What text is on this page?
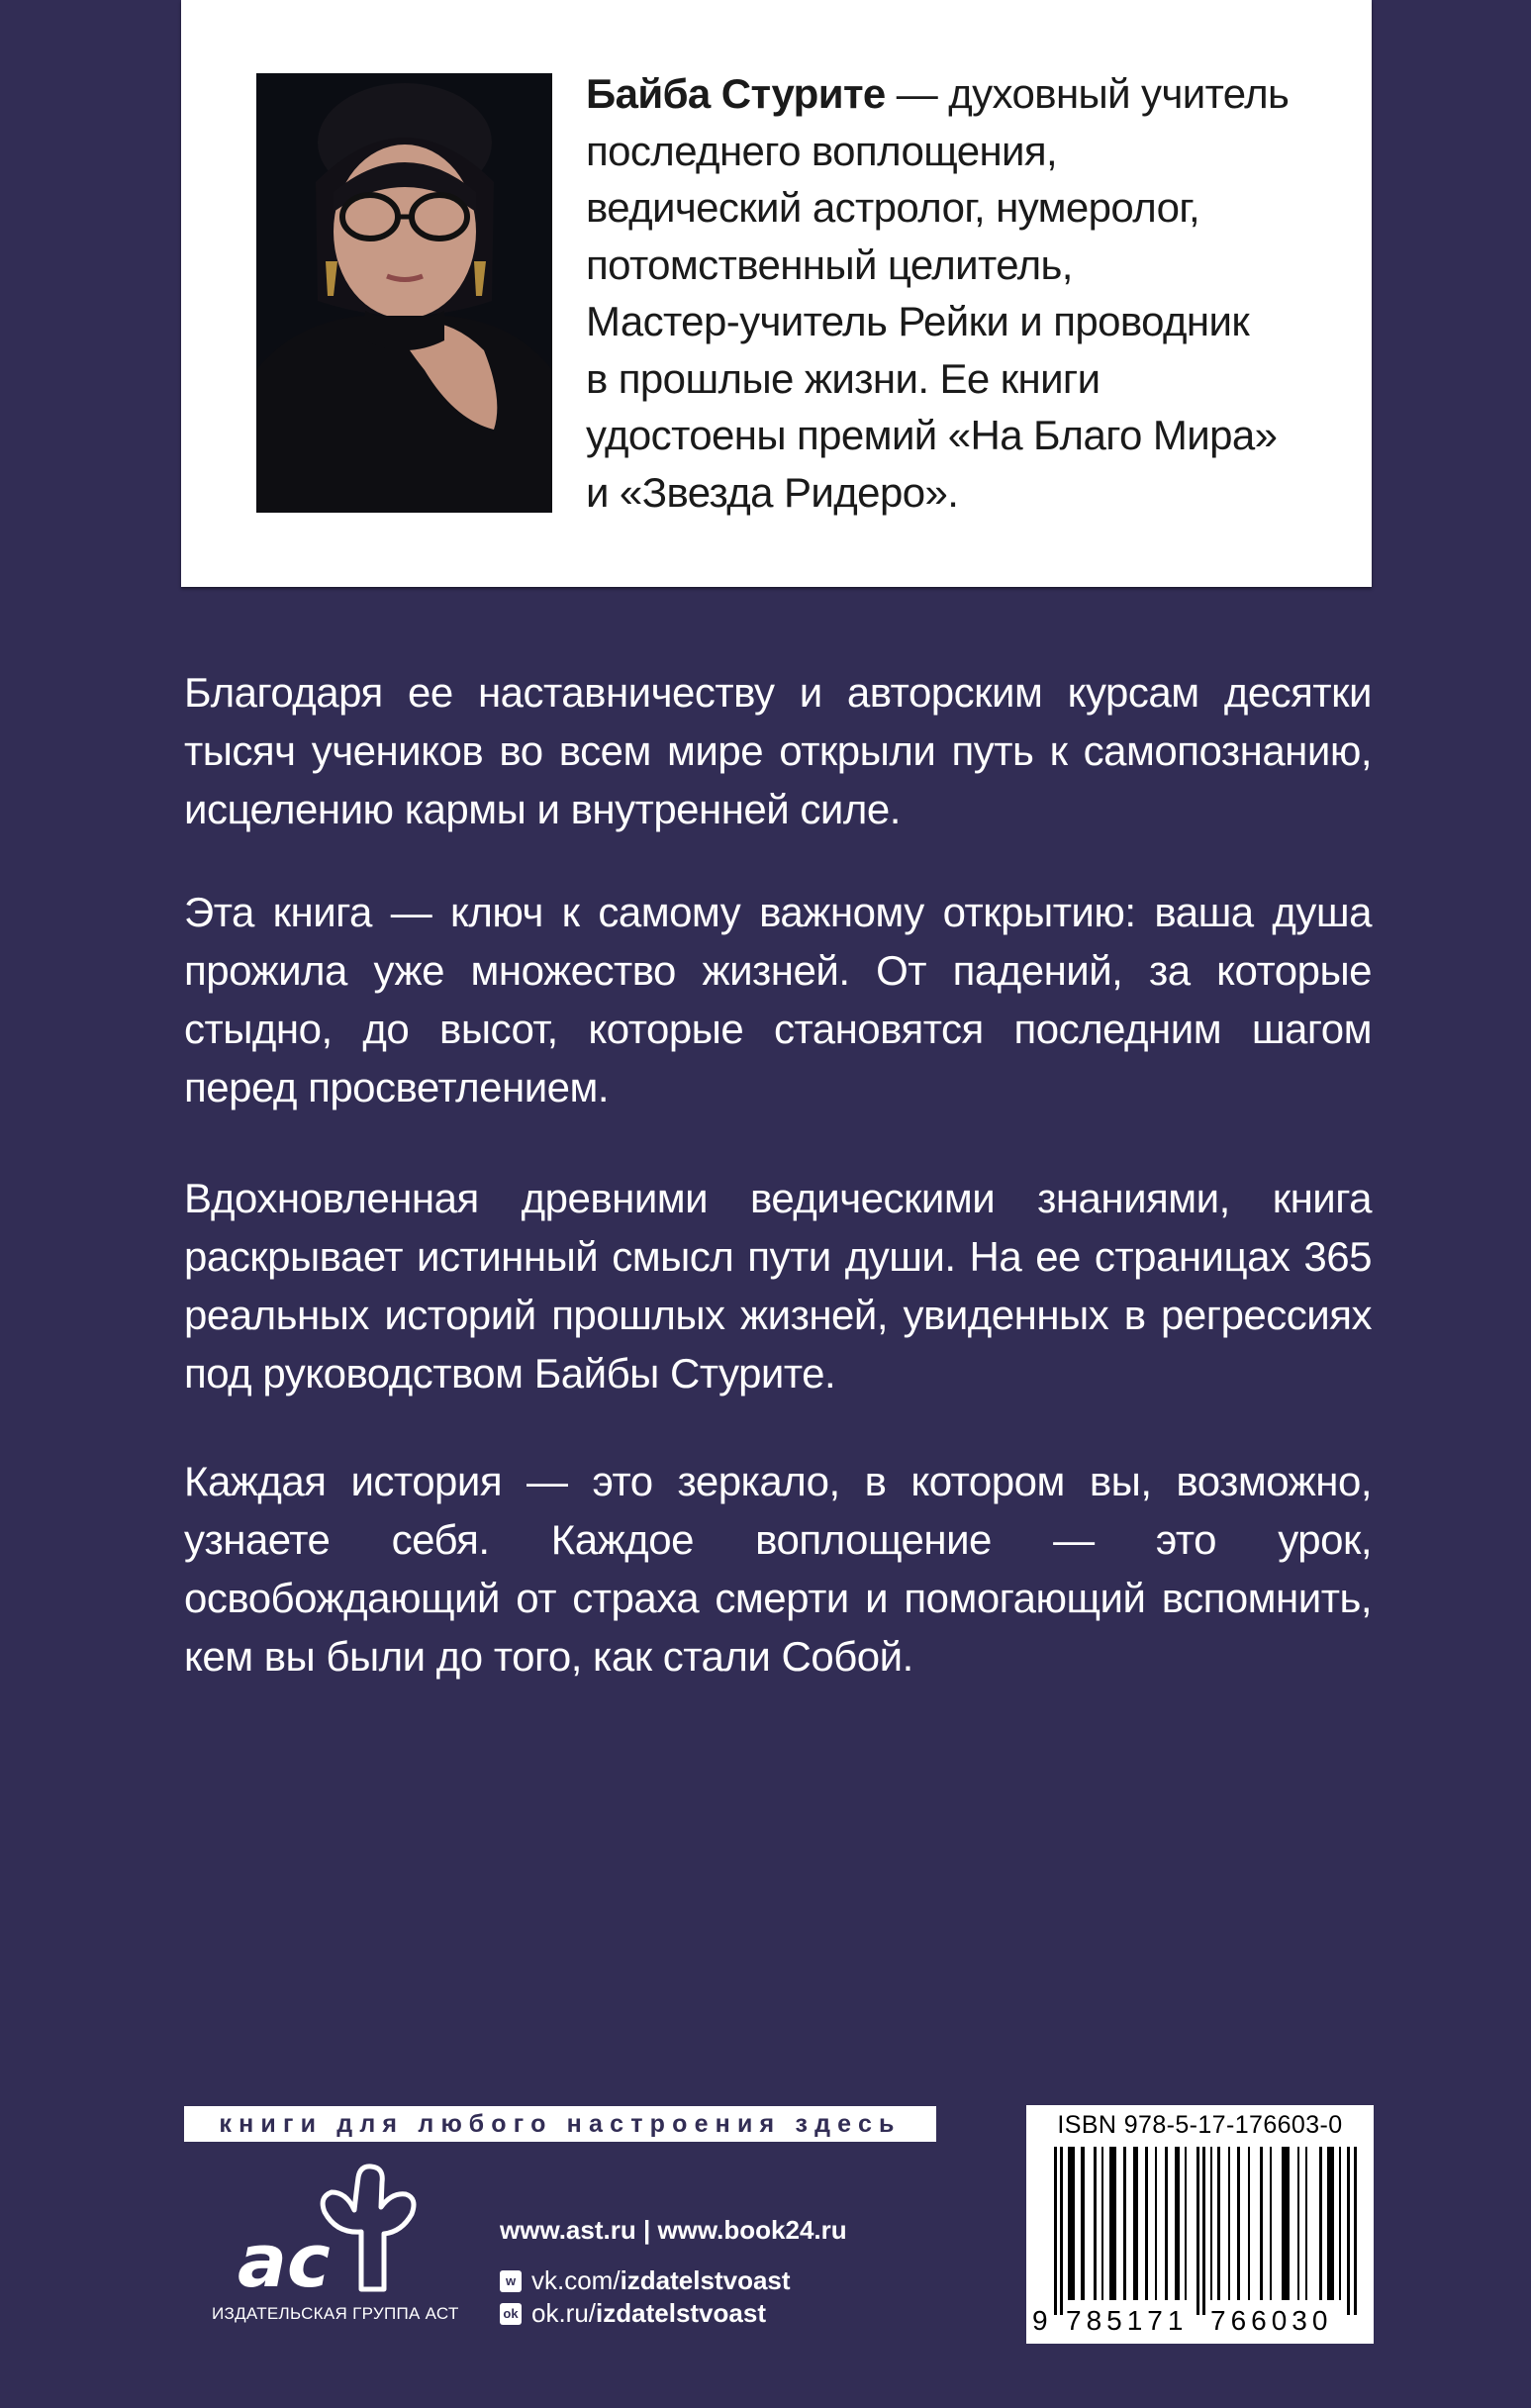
Байба Стурите — духовный учитель
последнего воплощения,
ведический астролог, нумеролог,
потомственный целитель,
Мастер-учитель Рейки и проводник
в прошлые жизни. Ее книги
удостоены премий «На Благо Мира»
и «Звезда Ридеро».
Благодаря ее наставничеству и авторским курсам десятки тысяч учеников во всем мире открыли путь к самопознанию, исцелению кармы и внутренней силе.
Эта книга — ключ к самому важному открытию: ваша душа прожила уже множество жизней. От падений, за которые стыдно, до высот, которые становятся последним шагом перед просветлением.
Вдохновленная древними ведическими знаниями, книга раскрывает истинный смысл пути души. На ее страницах 365 реальных историй прошлых жизней, увиденных в регрессиях под руководством Байбы Стурите.
Каждая история — это зеркало, в котором вы, возможно, узнаете себя. Каждое воплощение — это урок, освобождающий от страха смерти и помогающий вспомнить, кем вы были до того, как стали Собой.
книги для любого настроения здесь
ac
ИЗДАТЕЛЬСКАЯ ГРУППА АСТ
www.ast.ru | www.book24.ru
w vk.com/ izdatelstvoast
ok ok.ru/ izdatelstvoast
ISBN 978-5-17-176603-0
9 785171 766030
